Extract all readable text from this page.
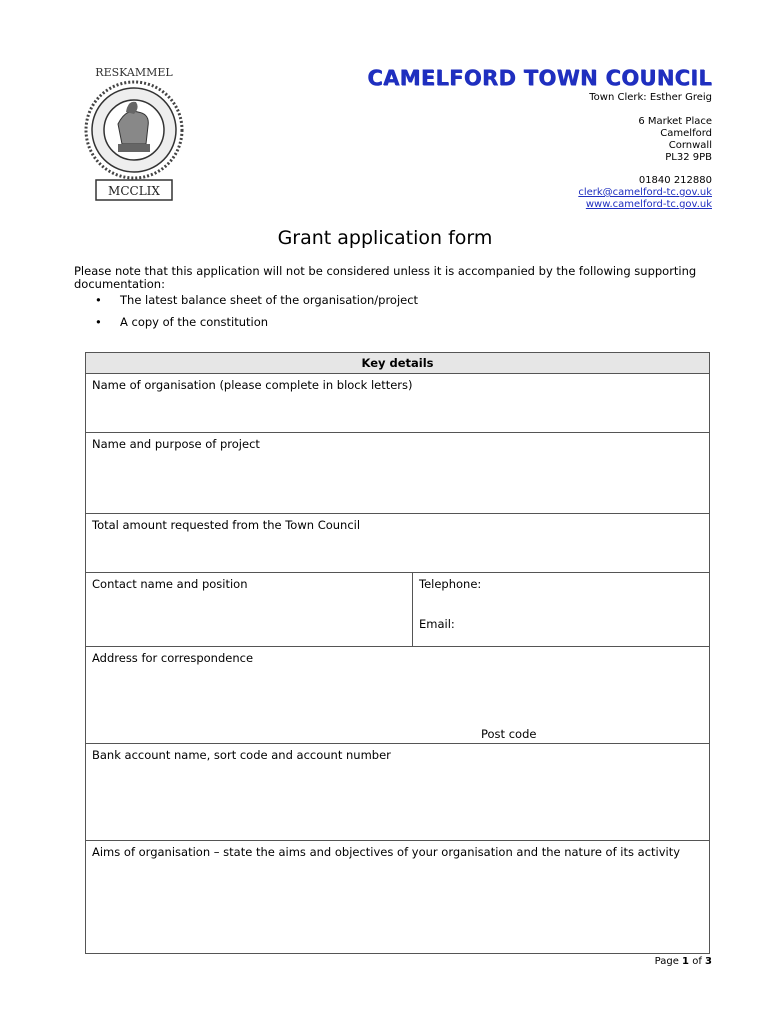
RESKAMMEL
MCCLIX
CAMELFORD TOWN COUNCIL
Town Clerk: Esther Greig
6 Market Place
Camelford
Cornwall
PL32 9PB
01840 212880
clerk@camelford-tc.gov.uk
www.camelford-tc.gov.uk
Grant application form
Please note that this application will not be considered unless it is accompanied by the following supporting documentation:
• The latest balance sheet of the organisation/project
• A copy of the constitution
Key details
Name of organisation (please complete in block letters)
Name and purpose of project
Total amount requested from the Town Council
Contact name and position	Telephone:
Email:

Address for correspondence
Post code

Bank account name, sort code and account number
Aims of organisation – state the aims and objectives of your organisation and the nature of its activity
Page 1 of 3
